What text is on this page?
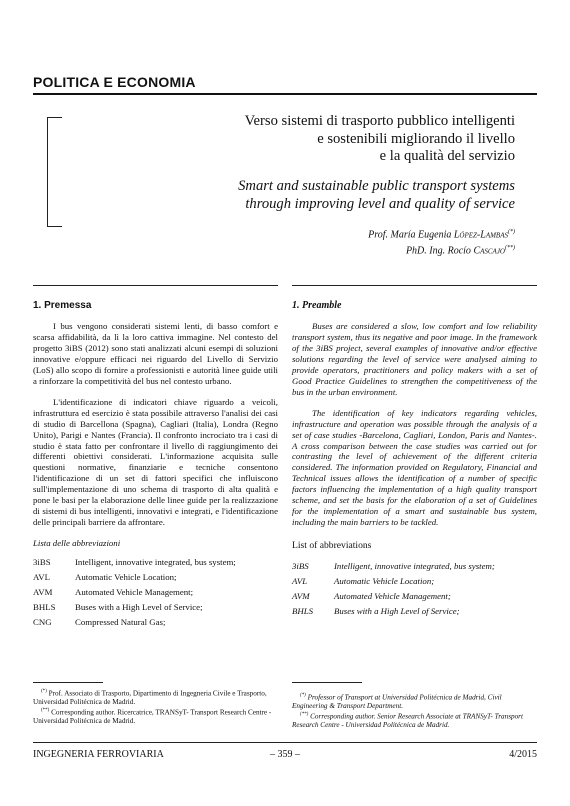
POLITICA E ECONOMIA
Verso sistemi di trasporto pubblico intelligenti
e sostenibili migliorando il livello
e la qualità del servizio
Smart and sustainable public transport systems
through improving level and quality of service
Prof. María Eugenia López-Lambas(*)
PhD. Ing. Rocío Cascajo(**)
1. Premessa

I bus vengono considerati sistemi lenti, di basso comfort e scarsa affidabilità, da lì la loro cattiva immagine. Nel contesto del progetto 3iBS (2012) sono stati analizzati alcuni esempi di soluzioni innovative e/oppure efficaci nei riguardo del Livello di Servizio (LoS) allo scopo di fornire a professionisti e autorità linee guide utili a rinforzare la competitività del bus nel contesto urbano.

L'identificazione di indicatori chiave riguardo a veicoli, infrastruttura ed esercizio è stata possibile attraverso l'analisi dei casi di studio di Barcellona (Spagna), Cagliari (Italia), Londra (Regno Unito), Parigi e Nantes (Francia). Il confronto incrociato tra i casi di studio è stata fatto per confrontare il livello di raggiungimento dei differenti obiettivi considerati. L'informazione acquisita sulle questioni normative, finanziarie e tecniche consentono l'identificazione di un set di fattori specifici che influiscono sull'implementazione di uno schema di trasporto di alta qualità e pone le basi per la elaborazione delle linee guide per la realizzazione di sistemi di bus intelligenti, innovativi e integrati, e l'identificazione delle principali barriere da affrontare.

Lista delle abbreviazioni
3iBS	Intelligent, innovative integrated, bus system;
AVL	Automatic Vehicle Location;
AVM	Automated Vehicle Management;
BHLS	Buses with a High Level of Service;
CNG	Compressed Natural Gas;
1. Preamble

Buses are considered a slow, low comfort and low reliability transport system, thus its negative and poor image. In the framework of the 3iBS project, several examples of innovative and/or effective solutions regarding the level of service were analysed aiming to provide operators, practitioners and policy makers with a set of Good Practice Guidelines to strengthen the competitiveness of the bus in the urban environment.

The identification of key indicators regarding vehicles, infrastructure and operation was possible through the analysis of a set of case studies -Barcelona, Cagliari, London, Paris and Nantes-. A cross comparison between the case studies was carried out for contrasting the level of achievement of the different criteria considered. The information provided on Regulatory, Financial and Technical issues allows the identification of a number of specific factors influencing the implementation of a high quality transport scheme, and set the basis for the elaboration of a set of Guidelines for the implementation of a smart and sustainable bus system, including the main barriers to be tackled.

List of abbreviations
3iBS	Intelligent, innovative integrated, bus system;
AVL	Automatic Vehicle Location;
AVM	Automated Vehicle Management;
BHLS	Buses with a High Level of Service;
(*) Prof. Associato di Trasporto, Dipartimento di Ingegneria Civile e Trasporto, Universidad Politécnica de Madrid.
(**) Corresponding author. Ricercatrice, TRANSyT- Transport Research Centre - Universidad Politécnica de Madrid.
(*) Professor of Transport at Universidad Politécnica de Madrid, Civil Engineering & Transport Department.
(**) Corresponding author. Senior Research Associate at TRANSyT- Transport Research Centre - Universidad Politécnica de Madrid.
INGEGNERIA FERROVIARIA	– 359 –	4/2015
